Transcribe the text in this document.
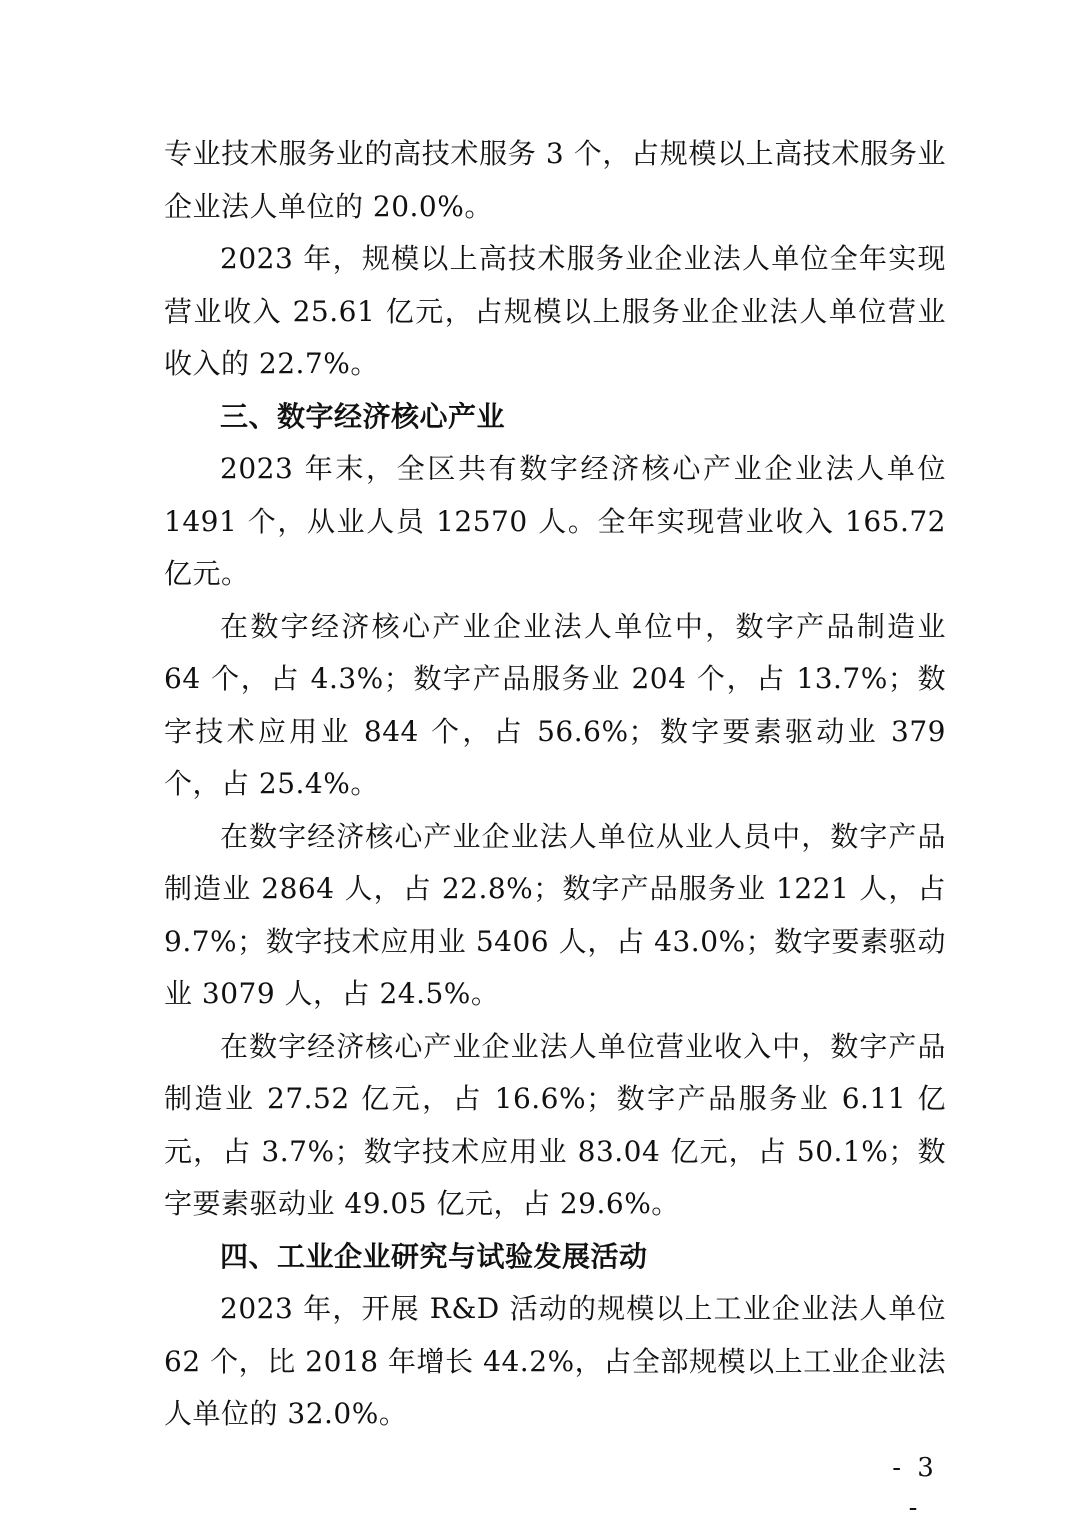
专业技术服务业的高技术服务 3 个，占规模以上高技术服务业企业法人单位的 20.0%。

2023 年，规模以上高技术服务业企业法人单位全年实现营业收入 25.61 亿元，占规模以上服务业企业法人单位营业收入的 22.7%。

三、数字经济核心产业

2023 年末，全区共有数字经济核心产业企业法人单位 1491 个，从业人员 12570 人。全年实现营业收入 165.72 亿元。

在数字经济核心产业企业法人单位中，数字产品制造业 64 个，占 4.3%；数字产品服务业 204 个，占 13.7%；数字技术应用业 844 个，占 56.6%；数字要素驱动业 379 个，占 25.4%。

在数字经济核心产业企业法人单位从业人员中，数字产品制造业 2864 人，占 22.8%；数字产品服务业 1221 人，占 9.7%；数字技术应用业 5406 人，占 43.0%；数字要素驱动业 3079 人，占 24.5%。

在数字经济核心产业企业法人单位营业收入中，数字产品制造业 27.52 亿元，占 16.6%；数字产品服务业 6.11 亿元，占 3.7%；数字技术应用业 83.04 亿元，占 50.1%；数字要素驱动业 49.05 亿元，占 29.6%。

四、工业企业研究与试验发展活动

2023 年，开展 R&D 活动的规模以上工业企业法人单位 62 个，比 2018 年增长 44.2%，占全部规模以上工业企业法人单位的 32.0%。

- 3 -
